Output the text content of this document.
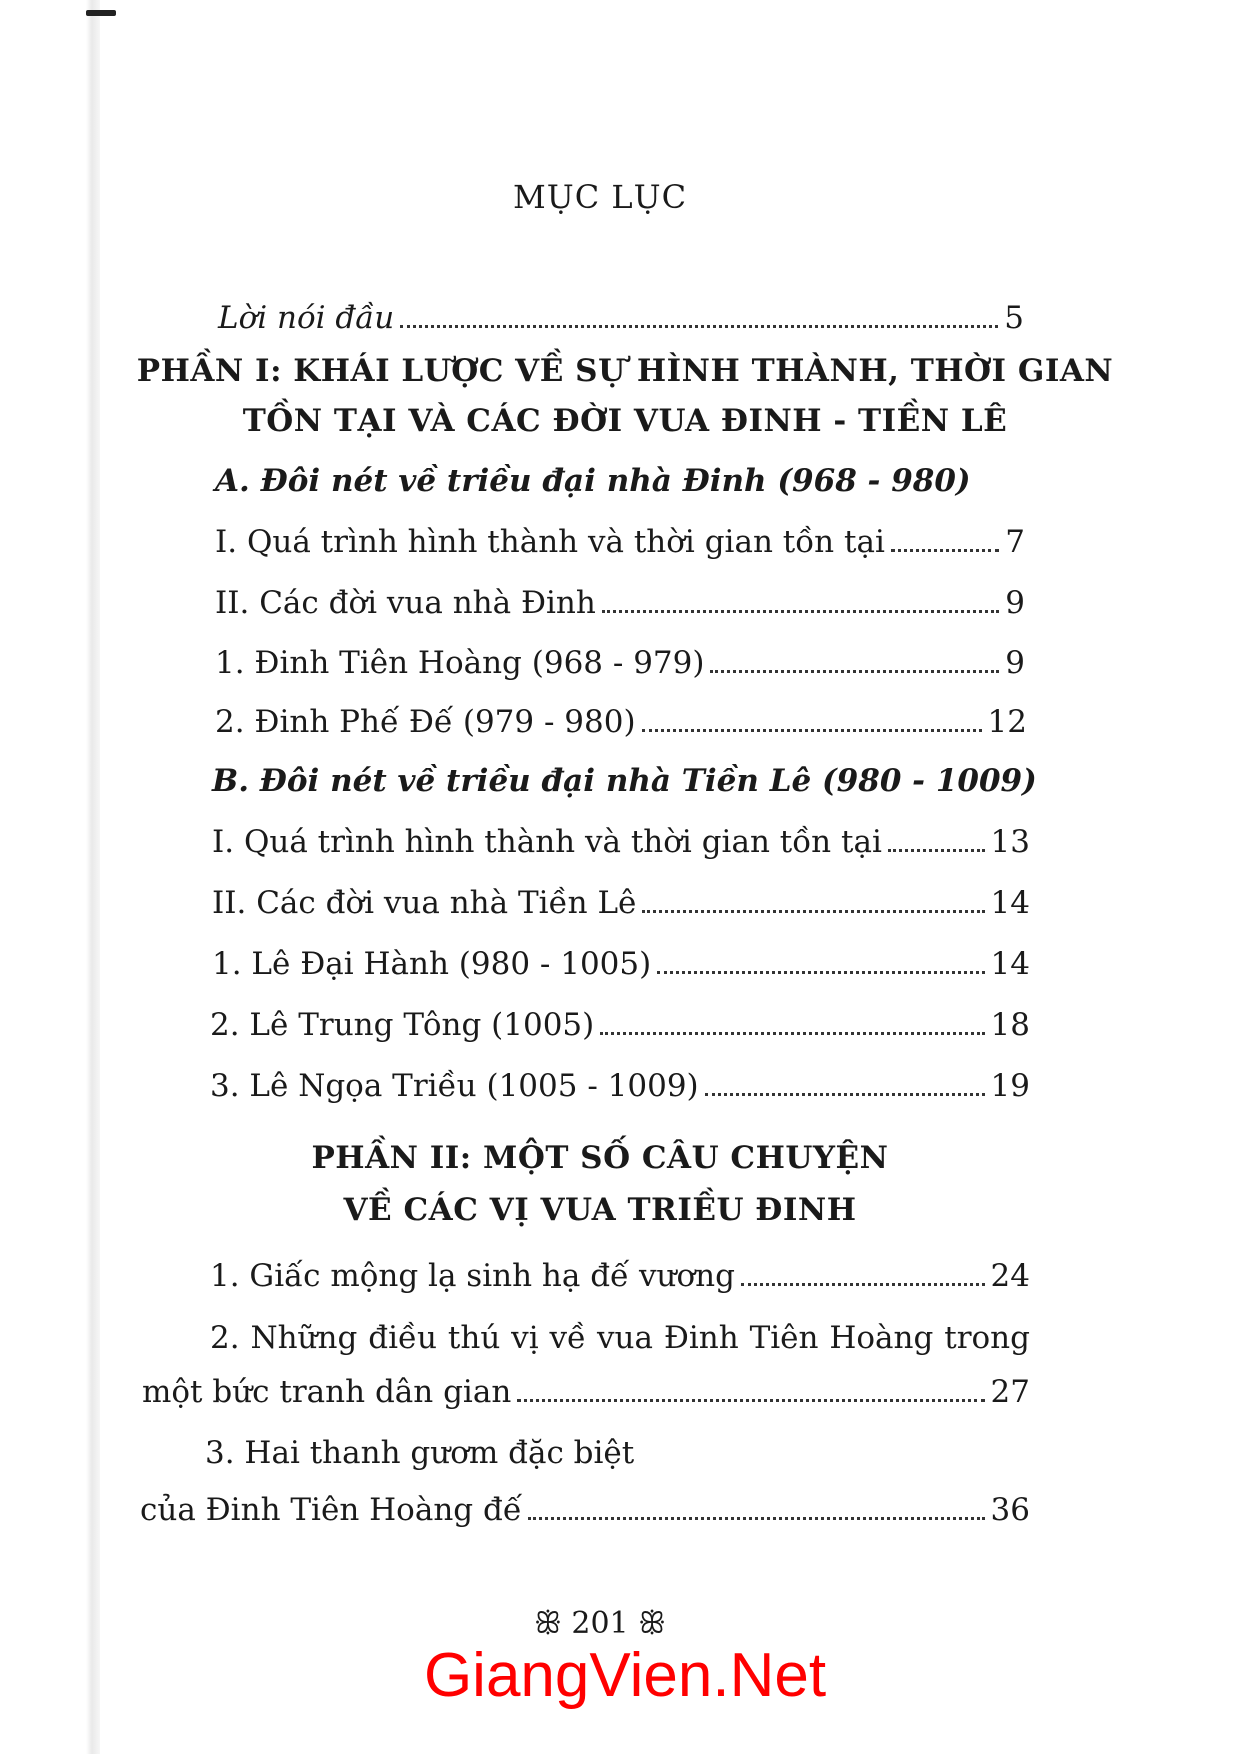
MỤC LỤC
Lời nói đầu	5
PHẦN I: KHÁI LƯỢC VỀ SỰ HÌNH THÀNH, THỜI GIAN
TỒN TẠI VÀ CÁC ĐỜI VUA ĐINH - TIỀN LÊ
A. Đôi nét về triều đại nhà Đinh (968 - 980)
I. Quá trình hình thành và thời gian tồn tại	7
II. Các đời vua nhà Đinh	9
1. Đinh Tiên Hoàng (968 - 979)	9
2. Đinh Phế Đế (979 - 980)	12
B. Đôi nét về triều đại nhà Tiền Lê (980 - 1009)
I. Quá trình hình thành và thời gian tồn tại	13
II. Các đời vua nhà Tiền Lê	14
1. Lê Đại Hành (980 - 1005)	14
2. Lê Trung Tông (1005)	18
3. Lê Ngọa Triều (1005 - 1009)	19
PHẦN II: MỘT SỐ CÂU CHUYỆN
VỀ CÁC VỊ VUA TRIỀU ĐINH
1. Giấc mộng lạ sinh hạ đế vương	24
2. Những điều thú vị về vua Đinh Tiên Hoàng trong
một bức tranh dân gian	27
3. Hai thanh gươm đặc biệt
của Đinh Tiên Hoàng đế	36
ꕥ 201 ꕥ
GiangVien.Net
